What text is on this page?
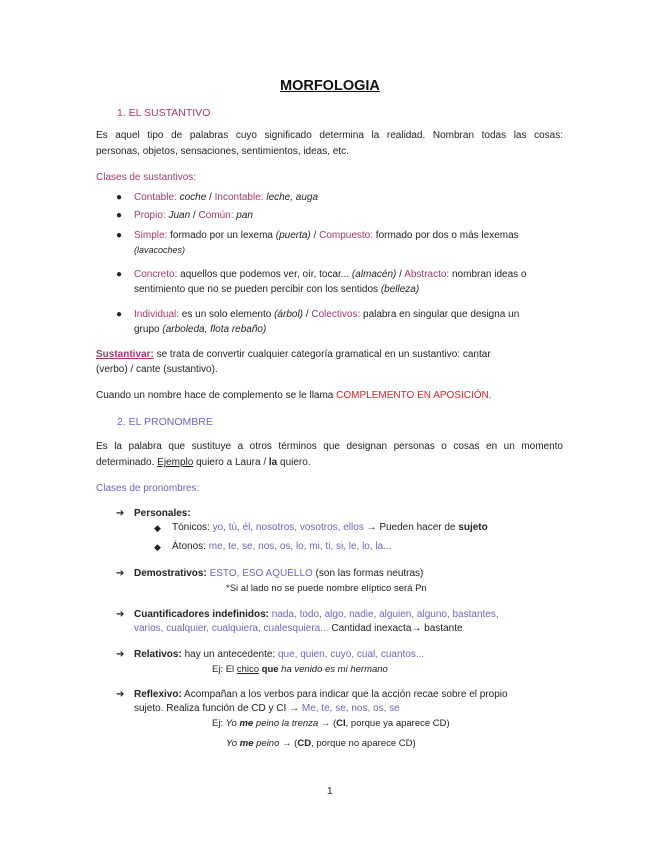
MORFOLOGIA
1. EL SUSTANTIVO
Es aquel tipo de palabras cuyo significado determina la realidad. Nombran todas las cosas:
personas, objetos, sensaciones, sentimientos, ideas, etc.
Clases de sustantivos:
● Contable: coche / Incontable: leche, auga
● Propio: Juan / Común: pan
● Simple: formado por un lexema (puerta) / Compuesto: formado por dos o más lexemas
(lavacoches)
● Concreto: aquellos que podemos ver, oír, tocar... (almacén) / Abstracto: nombran ideas o
sentimiento que no se pueden percibir con los sentidos (belleza)
● Individual: es un solo elemento (árbol) / Colectivos: palabra en singular que designa un
grupo (arboleda, flota rebaño)
Sustantivar: se trata de convertir cualquier categoría gramatical en un sustantivo: cantar
(verbo) / cante (sustantivo).
Cuando un nombre hace de complemento se le llama COMPLEMENTO EN APOSICIÓN.
2. EL PRONOMBRE
Es la palabra que sustituye a otros términos que designan personas o cosas en un momento
determinado. Ejemplo quiero a Laura / la quiero.
Clases de pronombres:
➔ Personales:
◆ Tónicos: yo, tú, él, nosotros, vosotros, ellos → Pueden hacer de sujeto
◆ Átonos: me, te, se, nos, os, lo, mi, ti, si, le, lo, la...
➔ Demostrativos: ESTO, ESO AQUELLO (son las formas neutras)
*Si al lado no se puede nombre elíptico será Pn
➔ Cuantificadores indefinidos: nada, todo, algo, nadie, alguien, alguno, bastantes,
varios, cualquier, cualquiera, cualesquiera... Cantidad inexacta→ bastante
➔ Relativos: hay un antecedente: que, quien, cuyo, cual, cuantos...
Ej: El chico que ha venido es mi hermano
➔ Reflexivo: Acompañan a los verbos para indicar que la acción recae sobre el propio
sujeto. Realiza función de CD y CI → Me, te, se, nos, os, se
Ej: Yo me peino la trenza → (CI, porque ya aparece CD)
Yo me peino → (CD, porque no aparece CD)
1
